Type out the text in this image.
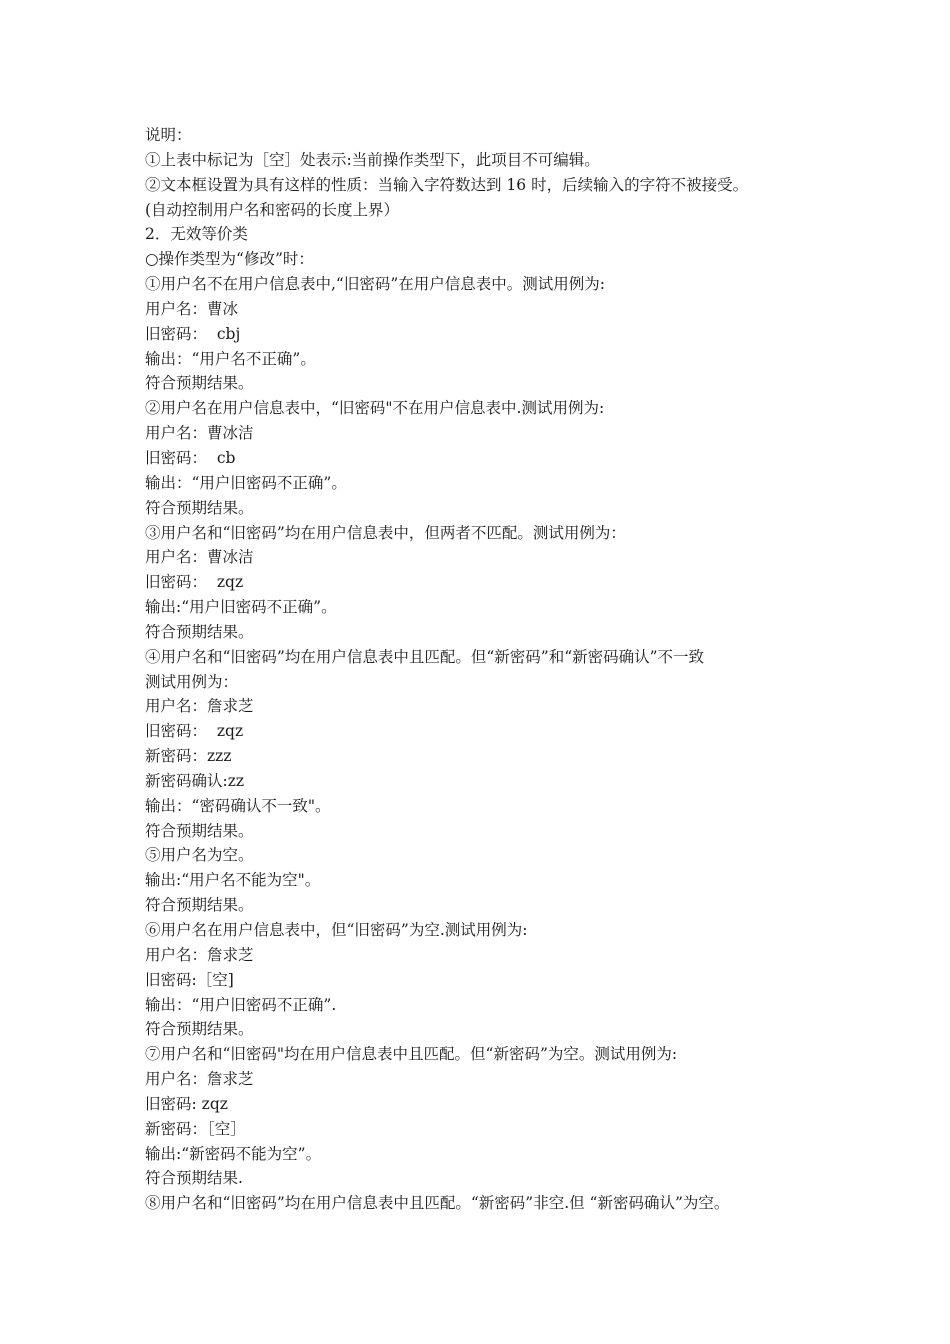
说明：
①上表中标记为［空］处表示:当前操作类型下，此项目不可编辑。
②文本框设置为具有这样的性质：当输入字符数达到 16 时，后续输入的字符不被接受。
(自动控制用户名和密码的长度上界）
2．无效等价类
○操作类型为“修改”时：
①用户名不在用户信息表中,“旧密码”在用户信息表中。测试用例为:
用户名：曹冰
旧密码：  cbj
输出：“用户名不正确”。
符合预期结果。
②用户名在用户信息表中，“旧密码"不在用户信息表中.测试用例为:
用户名：曹冰洁
旧密码：  cb
输出：“用户旧密码不正确”。
符合预期结果。
③用户名和“旧密码”均在用户信息表中，但两者不匹配。测试用例为：
用户名：曹冰洁
旧密码：  zqz
输出:“用户旧密码不正确”。
符合预期结果。
④用户名和“旧密码”均在用户信息表中且匹配。但“新密码”和“新密码确认”不一致
测试用例为：
用户名：詹求芝
旧密码：  zqz
新密码：zzz
新密码确认:zz
输出：“密码确认不一致"。
符合预期结果。
⑤用户名为空。
输出:“用户名不能为空"。
符合预期结果。
⑥用户名在用户信息表中，但“旧密码”为空.测试用例为:
用户名：詹求芝
旧密码:［空]
输出：“用户旧密码不正确”.
符合预期结果。
⑦用户名和“旧密码"均在用户信息表中且匹配。但“新密码”为空。测试用例为:
用户名：詹求芝
旧密码: zqz
新密码：［空］
输出:“新密码不能为空”。
符合预期结果.
⑧用户名和“旧密码”均在用户信息表中且匹配。“新密码”非空.但 “新密码确认”为空。
